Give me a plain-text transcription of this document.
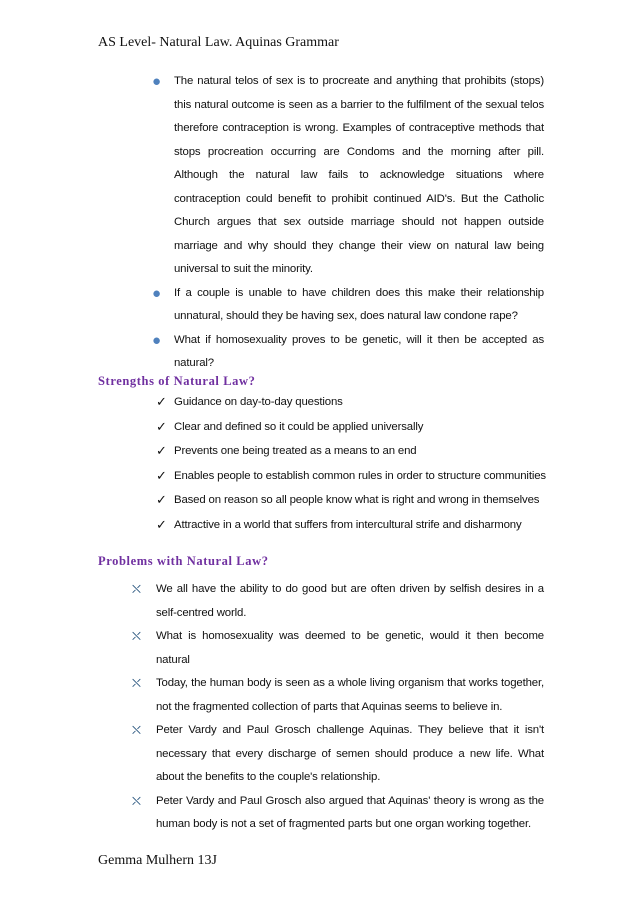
AS Level- Natural Law. Aquinas Grammar
● The natural telos of sex is to procreate and anything that prohibits (stops) this natural outcome is seen as a barrier to the fulfilment of the sexual telos therefore contraception is wrong. Examples of contraceptive methods that stops procreation occurring are Condoms and the morning after pill. Although the natural law fails to acknowledge situations where contraception could benefit to prohibit continued AID's. But the Catholic Church argues that sex outside marriage should not happen outside marriage and why should they change their view on natural law being universal to suit the minority.
● If a couple is unable to have children does this make their relationship unnatural, should they be having sex, does natural law condone rape?
● What if homosexuality proves to be genetic, will it then be accepted as natural?
Strengths of Natural Law?
✓ Guidance on day-to-day questions
✓ Clear and defined so it could be applied universally
✓ Prevents one being treated as a means to an end
✓ Enables people to establish common rules in order to structure communities
✓ Based on reason so all people know what is right and wrong in themselves
✓ Attractive in a world that suffers from intercultural strife and disharmony
Problems with Natural Law?
⛌ We all have the ability to do good but are often driven by selfish desires in a self-centred world.
⛌ What is homosexuality was deemed to be genetic, would it then become natural
⛌ Today, the human body is seen as a whole living organism that works together, not the fragmented collection of parts that Aquinas seems to believe in.
⛌ Peter Vardy and Paul Grosch challenge Aquinas. They believe that it isn't necessary that every discharge of semen should produce a new life. What about the benefits to the couple's relationship.
⛌ Peter Vardy and Paul Grosch also argued that Aquinas' theory is wrong as the human body is not a set of fragmented parts but one organ working together.
Gemma Mulhern 13J
